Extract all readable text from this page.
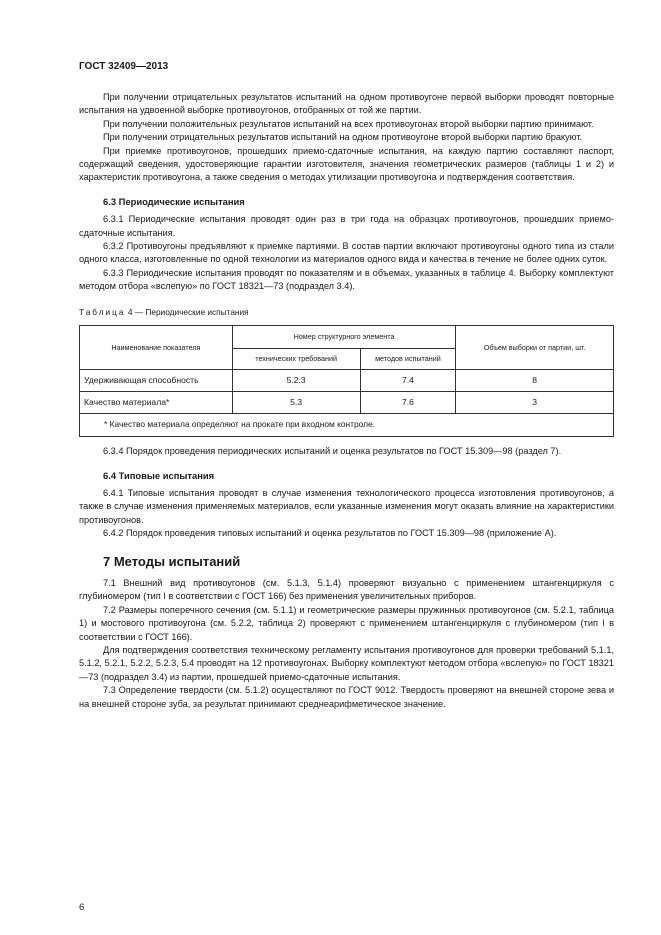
ГОСТ 32409—2013

При получении отрицательных результатов испытаний на одном противоугоне первой выборки проводят повторные испытания на удвоенной выборке противоугонов, отобранных от той же партии.

При получении положительных результатов испытаний на всех противоугонах второй выборки партию принимают.

При получении отрицательных результатов испытаний на одном противоугоне второй выборки партию бракуют.

При приемке противоугонов, прошедших приемо-сдаточные испытания, на каждую партию составляют паспорт, содержащий сведения, удостоверяющие гарантии изготовителя, значения геометрических размеров (таблицы 1 и 2) и характеристик противоугона, а также сведения о методах утилизации противоугона и подтверждения соответствия.

6.3 Периодические испытания

6.3.1 Периодические испытания проводят один раз в три года на образцах противоугонов, прошедших приемо-сдаточные испытания.

6.3.2 Противоугоны предъявляют к приемке партиями. В состав партии включают противоугоны одного типа из стали одного класса, изготовленные по одной технологии из материалов одного вида и качества в течение не более одних суток.

6.3.3 Периодические испытания проводят по показателям и в объемах, указанных в таблице 4. Выборку комплектуют методом отбора «вслепую» по ГОСТ 18321—73 (подраздел 3.4).

Таблица 4 — Периодические испытания
Наименование показателя	Номер структурного элемента		Объем выборки от партии, шт.
	технических требований	методов испытаний	
Удерживающая способность	5.2.3	7.4	8
Качество материала*	5.3	7.6	3
* Качество материала определяют на прокате при входном контроле.			

6.3.4 Порядок проведения периодических испытаний и оценка результатов по ГОСТ 15.309—98 (раздел 7).

6.4 Типовые испытания

6.4.1 Типовые испытания проводят в случае изменения технологического процесса изготовления противоугонов, а также в случае изменения применяемых материалов, если указанные изменения могут оказать влияние на характеристики противоугонов.

6.4.2 Порядок проведения типовых испытаний и оценка результатов по ГОСТ 15.309—98 (приложение А).

7 Методы испытаний

7.1 Внешний вид противоугонов (см. 5.1.3, 5.1.4) проверяют визуально с применением штангенциркуля с глубиномером (тип I в соответствии с ГОСТ 166) без применения увеличительных приборов.

7.2 Размеры поперечного сечения (см. 5.1.1) и геометрические размеры пружинных противоугонов (см. 5.2.1, таблица 1) и мостового противоугона (см. 5.2.2, таблица 2) проверяют с применением штангенциркуля с глубиномером (тип I в соответствии с ГОСТ 166).

Для подтверждения соответствия техническому регламенту испытания противоугонов для проверки требований 5.1.1, 5.1.2, 5.2.1, 5.2.2, 5.2.3, 5.4 проводят на 12 противоугонах. Выборку комплектуют методом отбора «вслепую» по ГОСТ 18321—73 (подраздел 3.4) из партии, прошедшей приемо-сдаточные испытания.

7.3 Определение твердости (см. 5.1.2) осуществляют по ГОСТ 9012. Твердость проверяют на внешней стороне зева и на внешней стороне зуба, за результат принимают среднеарифметическое значение.

6
